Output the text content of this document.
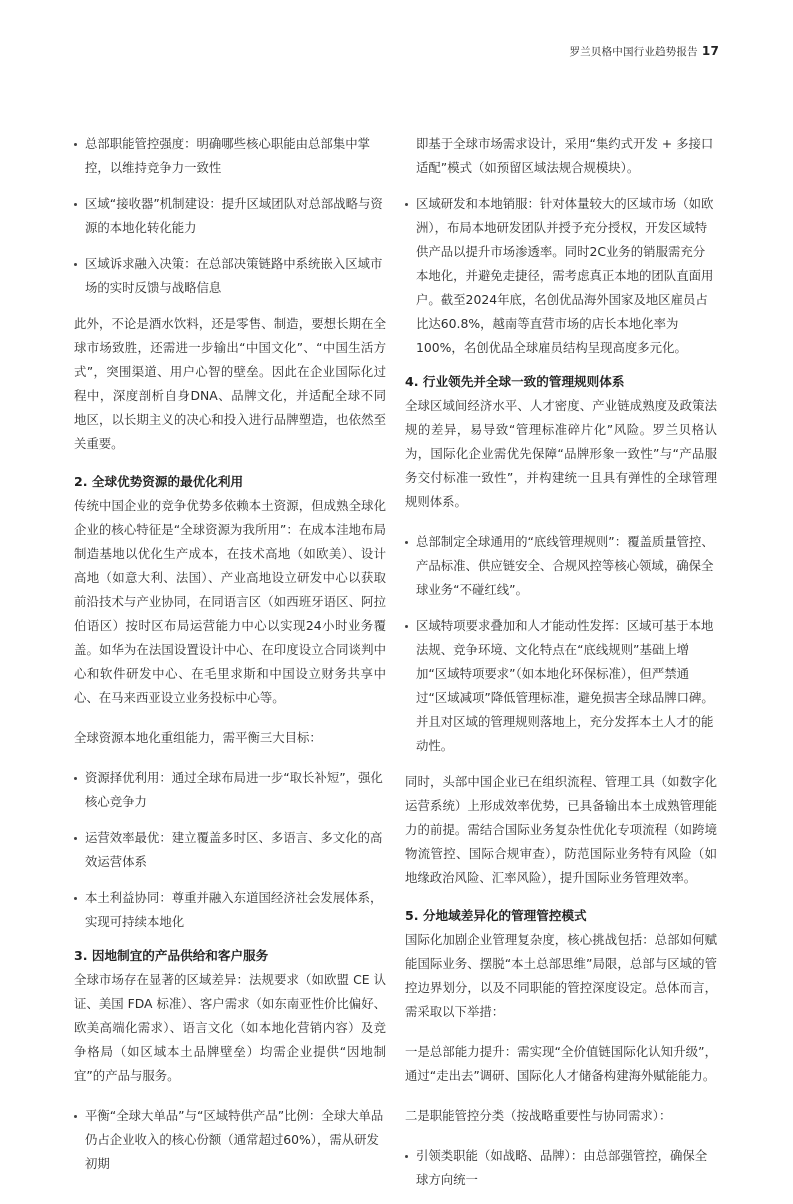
罗兰贝格中国行业趋势报告 17
总部职能管控强度：明确哪些核心职能由总部集中掌控，以维持竞争力一致性
区域“接收器”机制建设：提升区域团队对总部战略与资源的本地化转化能力
区域诉求融入决策：在总部决策链路中系统嵌入区域市场的实时反馈与战略信息

此外，不论是酒水饮料，还是零售、制造，要想长期在全球市场致胜，还需进一步输出“中国文化”、“中国生活方式”，突围渠道、用户心智的壁垒。因此在企业国际化过程中，深度剖析自身DNA、品牌文化，并适配全球不同地区，以长期主义的决心和投入进行品牌塑造，也依然至关重要。

2. 全球优势资源的最优化利用

传统中国企业的竞争优势多依赖本土资源，但成熟全球化企业的核心特征是“全球资源为我所用”：在成本洼地布局制造基地以优化生产成本，在技术高地（如欧美）、设计高地（如意大利、法国）、产业高地设立研发中心以获取前沿技术与产业协同，在同语言区（如西班牙语区、阿拉伯语区）按时区布局运营能力中心以实现24小时业务覆盖。如华为在法国设置设计中心、在印度设立合同谈判中心和软件研发中心、在毛里求斯和中国设立财务共享中心、在马来西亚设立业务投标中心等。

全球资源本地化重组能力，需平衡三大目标：

资源择优利用：通过全球布局进一步“取长补短”，强化核心竞争力
运营效率最优：建立覆盖多时区、多语言、多文化的高效运营体系
本土利益协同：尊重并融入东道国经济社会发展体系，实现可持续本地化
3. 因地制宜的产品供给和客户服务

全球市场存在显著的区域差异：法规要求（如欧盟 CE 认证、美国 FDA 标准）、客户需求（如东南亚性价比偏好、欧美高端化需求）、语言文化（如本地化营销内容）及竞争格局（如区域本土品牌壁垒）均需企业提供“因地制宜”的产品与服务。

平衡“全球大单品”与“区域特供产品”比例：全球大单品仍占企业收入的核心份额（通常超过60%），需从研发初期
即基于全球市场需求设计，采用“集约式开发 + 多接口适配”模式（如预留区域法规合规模块）。
区域研发和本地销服：针对体量较大的区域市场（如欧洲），布局本地研发团队并授予充分授权，开发区域特供产品以提升市场渗透率。同时2C业务的销服需充分本地化，并避免走捷径，需考虑真正本地的团队直面用户。截至2024年底，名创优品海外国家及地区雇员占比达60.8%，越南等直营市场的店长本地化率为100%，名创优品全球雇员结构呈现高度多元化。
4. 行业领先并全球一致的管理规则体系

全球区域间经济水平、人才密度、产业链成熟度及政策法规的差异，易导致“管理标准碎片化”风险。罗兰贝格认为，国际化企业需优先保障“品牌形象一致性”与“产品服务交付标准一致性”，并构建统一且具有弹性的全球管理规则体系。

总部制定全球通用的“底线管理规则”：覆盖质量管控、产品标准、供应链安全、合规风控等核心领域，确保全球业务“不碰红线”。
区域特项要求叠加和人才能动性发挥：区域可基于本地法规、竞争环境、文化特点在“底线规则”基础上增加“区域特项要求”（如本地化环保标准），但严禁通过“区域减项”降低管理标准，避免损害全球品牌口碑。并且对区域的管理规则落地上，充分发挥本土人才的能动性。

同时，头部中国企业已在组织流程、管理工具（如数字化运营系统）上形成效率优势，已具备输出本土成熟管理能力的前提。需结合国际业务复杂性优化专项流程（如跨境物流管控、国际合规审查），防范国际业务特有风险（如地缘政治风险、汇率风险），提升国际业务管理效率。

5. 分地域差异化的管理管控模式

国际化加剧企业管理复杂度，核心挑战包括：总部如何赋能国际业务、摆脱“本土总部思维”局限，总部与区域的管控边界划分，以及不同职能的管控深度设定。总体而言，需采取以下举措：

一是总部能力提升：需实现“全价值链国际化认知升级”，通过“走出去”调研、国际化人才储备构建海外赋能能力。

二是职能管控分类（按战略重要性与协同需求）：

引领类职能（如战略、品牌）：由总部强管控，确保全球方向统一
